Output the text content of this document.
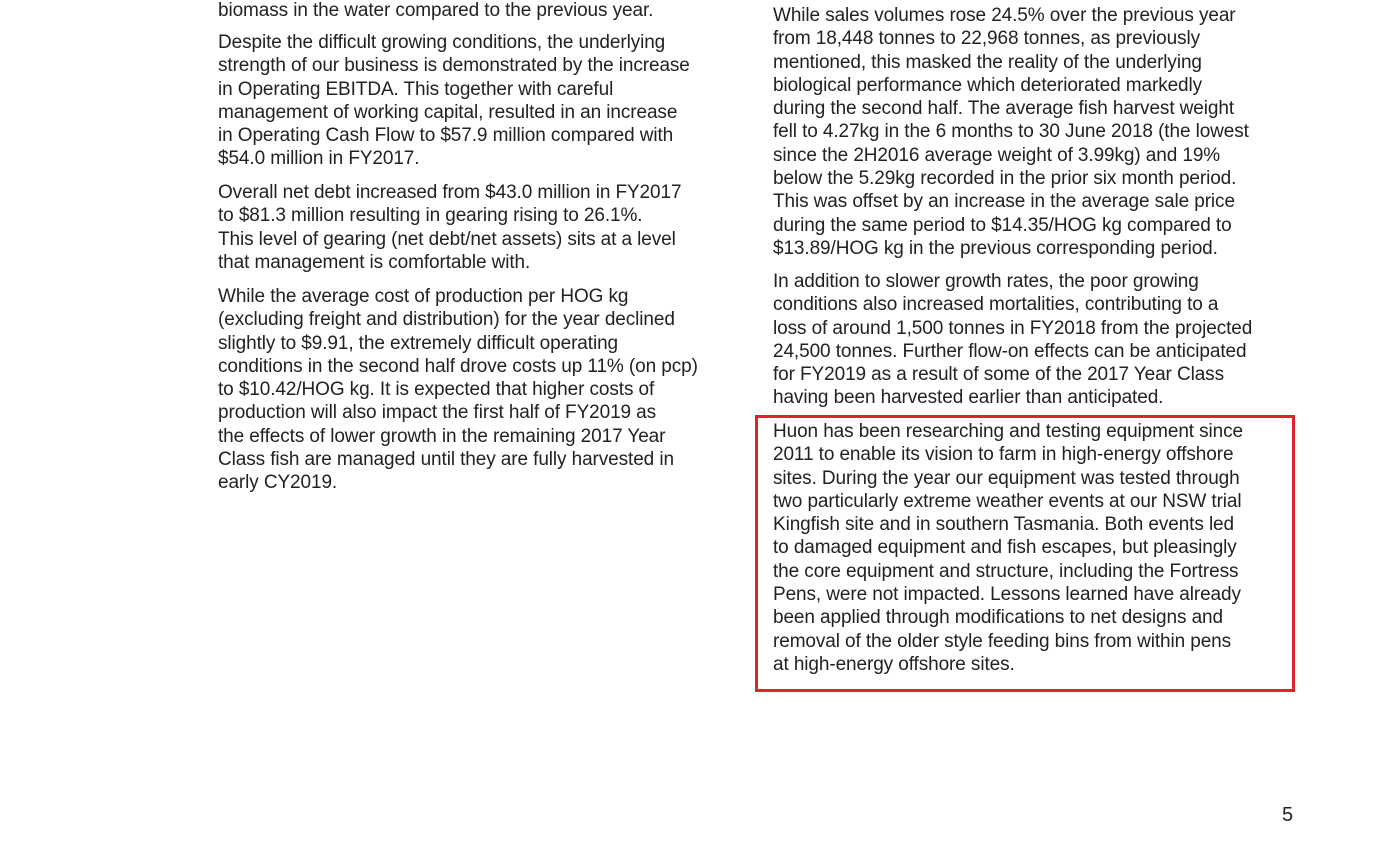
biomass in the water compared to the previous year.
Despite the difficult growing conditions, the underlying
strength of our business is demonstrated by the increase
in Operating EBITDA. This together with careful
management of working capital, resulted in an increase
in Operating Cash Flow to $57.9 million compared with
$54.0 million in FY2017.
Overall net debt increased from $43.0 million in FY2017
to $81.3 million resulting in gearing rising to 26.1%.
This level of gearing (net debt/net assets) sits at a level
that management is comfortable with.
While the average cost of production per HOG kg
(excluding freight and distribution) for the year declined
slightly to $9.91, the extremely difficult operating
conditions in the second half drove costs up 11% (on pcp)
to $10.42/HOG kg. It is expected that higher costs of
production will also impact the first half of FY2019 as
the effects of lower growth in the remaining 2017 Year
Class fish are managed until they are fully harvested in
early CY2019.
While sales volumes rose 24.5% over the previous year
from 18,448 tonnes to 22,968 tonnes, as previously
mentioned, this masked the reality of the underlying
biological performance which deteriorated markedly
during the second half. The average fish harvest weight
fell to 4.27kg in the 6 months to 30 June 2018 (the lowest
since the 2H2016 average weight of 3.99kg) and 19%
below the 5.29kg recorded in the prior six month period.
This was offset by an increase in the average sale price
during the same period to $14.35/HOG kg compared to
$13.89/HOG kg in the previous corresponding period.
In addition to slower growth rates, the poor growing
conditions also increased mortalities, contributing to a
loss of around 1,500 tonnes in FY2018 from the projected
24,500 tonnes. Further flow-on effects can be anticipated
for FY2019 as a result of some of the 2017 Year Class
having been harvested earlier than anticipated.
Huon has been researching and testing equipment since
2011 to enable its vision to farm in high-energy offshore
sites. During the year our equipment was tested through
two particularly extreme weather events at our NSW trial
Kingfish site and in southern Tasmania. Both events led
to damaged equipment and fish escapes, but pleasingly
the core equipment and structure, including the Fortress
Pens, were not impacted. Lessons learned have already
been applied through modifications to net designs and
removal of the older style feeding bins from within pens
at high-energy offshore sites.
5
